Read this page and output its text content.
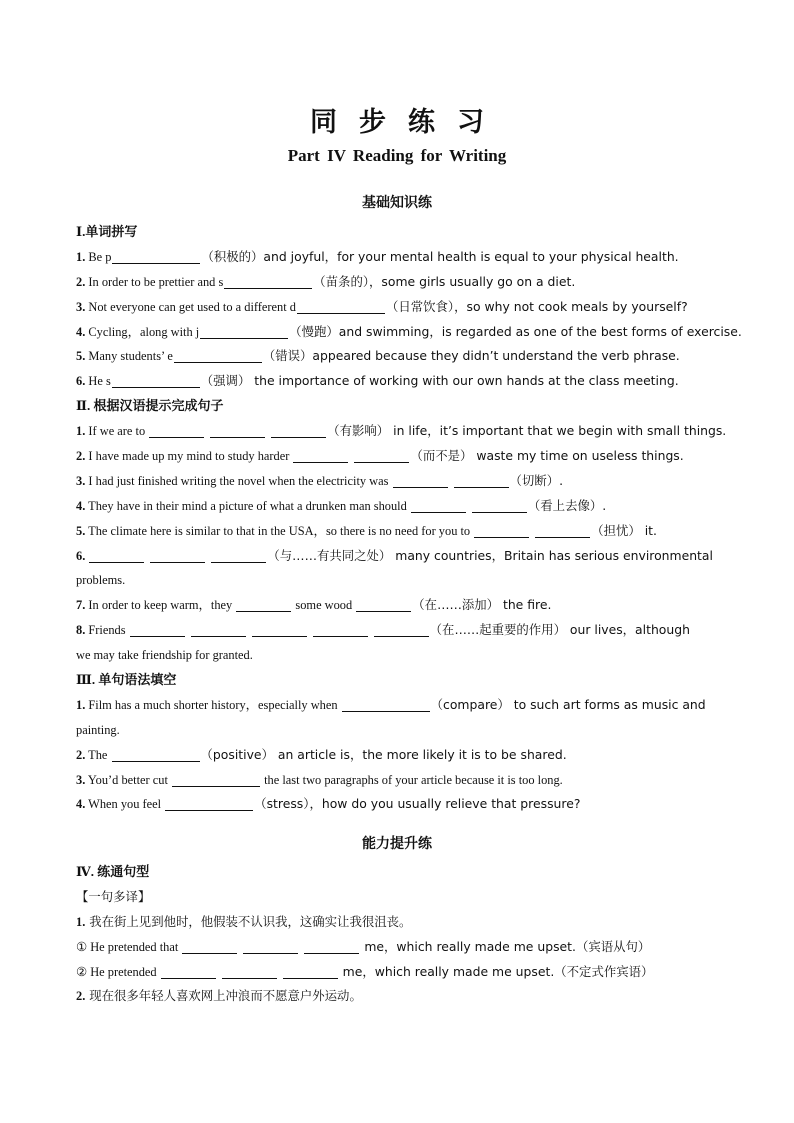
同步练习
Part IV Reading for Writing
基础知识练
Ⅰ.单词拼写
1. Be p	（积极的）and joyful，for your mental health is equal to your physical health.
2. In order to be prettier and s	（苗条的），some girls usually go on a diet.
3. Not everyone can get used to a different d	（日常饮食），so why not cook meals by yourself?
4. Cycling，along with j	（慢跑）and swimming，is regarded as one of the best forms of exercise.
5. Many students’ e	（错误）appeared because they didn’t understand the verb phrase.
6. He s	（强调） the importance of working with our own hands at the class meeting.
Ⅱ. 根据汉语提示完成句子
1. If we are to	（有影响） in life，it’s important that we begin with small things.
2. I have made up my mind to study harder	（而不是） waste my time on useless things.
3. I had just finished writing the novel when the electricity was	（切断）.
4. They have in their mind a picture of what a drunken man should	（看上去像）.
5. The climate here is similar to that in the USA，so there is no need for you to	（担忧） it.
6.	（与……有共同之处） many countries，Britain has serious environmental
problems.
7. In order to keep warm，they	some wood	（在……添加） the fire.
8. Friends	（在……起重要的作用） our lives，although
we may take friendship for granted.
Ⅲ. 单句语法填空
1. Film has a much shorter history，especially when	（compare） to such art forms as music and
painting.
2. The	（positive） an article is，the more likely it is to be shared.
3. You’d better cut	the last two paragraphs of your article because it is too long.
4. When you feel	（stress），how do you usually relieve that pressure?
能力提升练
Ⅳ. 练通句型
【一句多译】
1. 我在街上见到他时，他假装不认识我，这确实让我很沮丧。
① He pretended that	me，which really made me upset.（宾语从句）
② He pretended	me，which really made me upset.（不定式作宾语）
2. 现在很多年轻人喜欢网上冲浪而不愿意户外运动。
